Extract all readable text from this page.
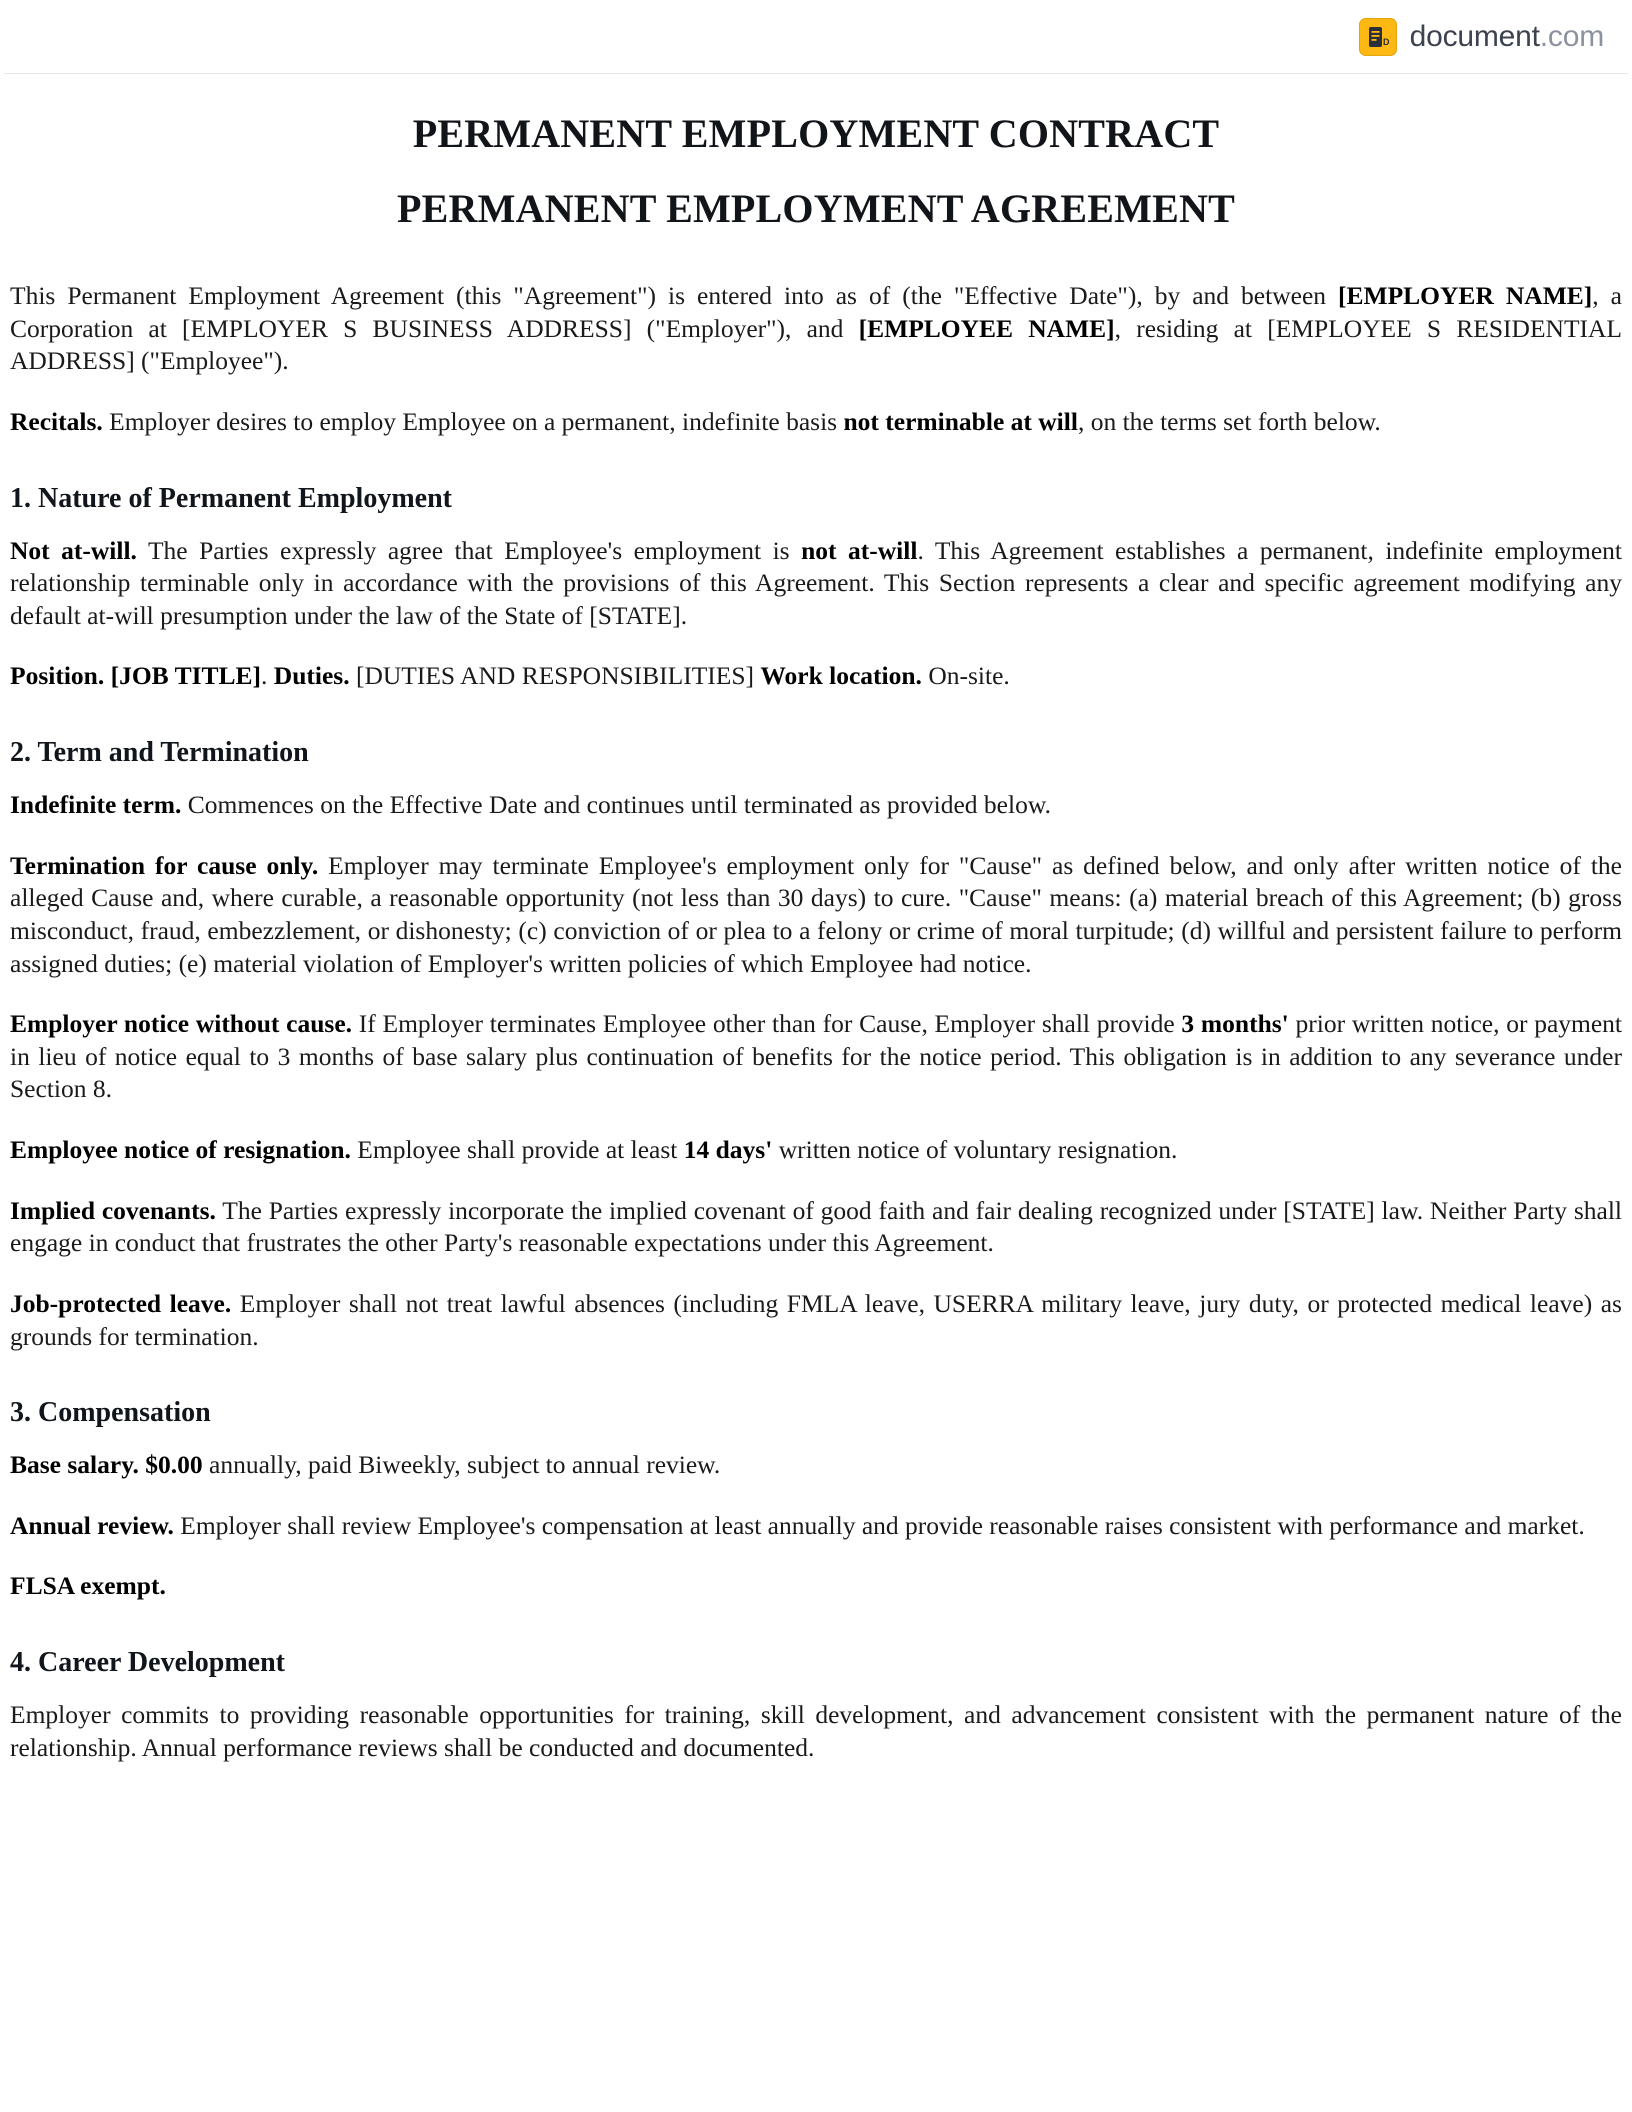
D document.com
PERMANENT EMPLOYMENT CONTRACT
PERMANENT EMPLOYMENT AGREEMENT

This Permanent Employment Agreement (this "Agreement") is entered into as of (the "Effective Date"), by and between [EMPLOYER NAME], a Corporation at [EMPLOYER S BUSINESS ADDRESS] ("Employer"), and [EMPLOYEE NAME], residing at [EMPLOYEE S RESIDENTIAL ADDRESS] ("Employee").

Recitals. Employer desires to employ Employee on a permanent, indefinite basis not terminable at will, on the terms set forth below.

1. Nature of Permanent Employment

Not at-will. The Parties expressly agree that Employee's employment is not at-will. This Agreement establishes a permanent, indefinite employment relationship terminable only in accordance with the provisions of this Agreement. This Section represents a clear and specific agreement modifying any default at-will presumption under the law of the State of [STATE].

Position. [JOB TITLE]. Duties. [DUTIES AND RESPONSIBILITIES] Work location. On-site.

2. Term and Termination

Indefinite term. Commences on the Effective Date and continues until terminated as provided below.

Termination for cause only. Employer may terminate Employee's employment only for "Cause" as defined below, and only after written notice of the alleged Cause and, where curable, a reasonable opportunity (not less than 30 days) to cure. "Cause" means: (a) material breach of this Agreement; (b) gross misconduct, fraud, embezzlement, or dishonesty; (c) conviction of or plea to a felony or crime of moral turpitude; (d) willful and persistent failure to perform assigned duties; (e) material violation of Employer's written policies of which Employee had notice.

Employer notice without cause. If Employer terminates Employee other than for Cause, Employer shall provide 3 months' prior written notice, or payment in lieu of notice equal to 3 months of base salary plus continuation of benefits for the notice period. This obligation is in addition to any severance under Section 8.

Employee notice of resignation. Employee shall provide at least 14 days' written notice of voluntary resignation.

Implied covenants. The Parties expressly incorporate the implied covenant of good faith and fair dealing recognized under [STATE] law. Neither Party shall engage in conduct that frustrates the other Party's reasonable expectations under this Agreement.

Job-protected leave. Employer shall not treat lawful absences (including FMLA leave, USERRA military leave, jury duty, or protected medical leave) as grounds for termination.

3. Compensation

Base salary. $0.00 annually, paid Biweekly, subject to annual review.

Annual review. Employer shall review Employee's compensation at least annually and provide reasonable raises consistent with performance and market.

FLSA exempt.

4. Career Development

Employer commits to providing reasonable opportunities for training, skill development, and advancement consistent with the permanent nature of the relationship. Annual performance reviews shall be conducted and documented.
